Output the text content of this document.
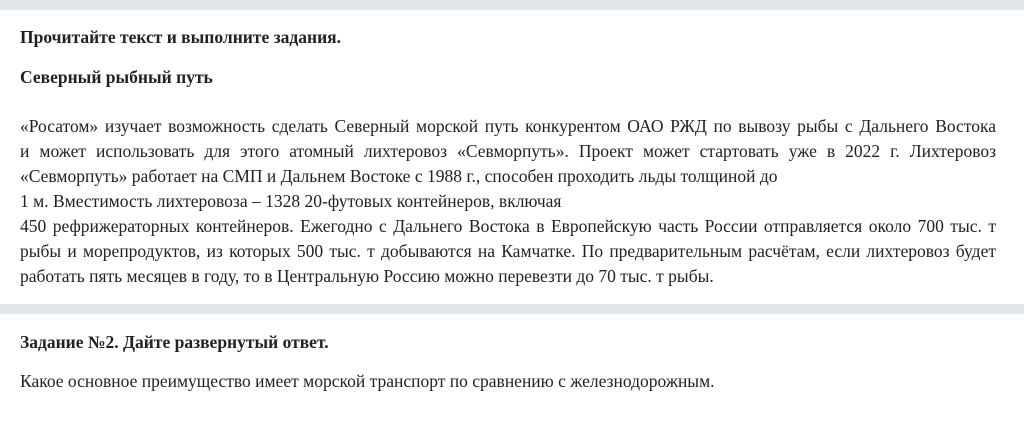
Прочитайте текст и выполните задания.

Северный рыбный путь

«Росатом» изучает возможность сделать Северный морской путь конкурентом ОАО РЖД по вывозу рыбы с Дальнего Востока
и может использовать для этого атомный лихтеровоз «Севморпуть». Проект может стартовать уже в 2022 г. Лихтеровоз
«Севморпуть» работает на СМП и Дальнем Востоке с 1988 г., способен проходить льды толщиной до
1 м. Вместимость лихтеровоза – 1328 20-футовых контейнеров, включая
450 рефрижераторных контейнеров. Ежегодно с Дальнего Востока в Европейскую часть России отправляется около 700 тыс. т
рыбы и морепродуктов, из которых 500 тыс. т добываются на Камчатке. По предварительным расчётам, если лихтеровоз будет
работать пять месяцев в году, то в Центральную Россию можно перевезти до 70 тыс. т рыбы.

Задание №2. Дайте развернутый ответ.

Какое основное преимущество имеет морской транспорт по сравнению с железнодорожным.
